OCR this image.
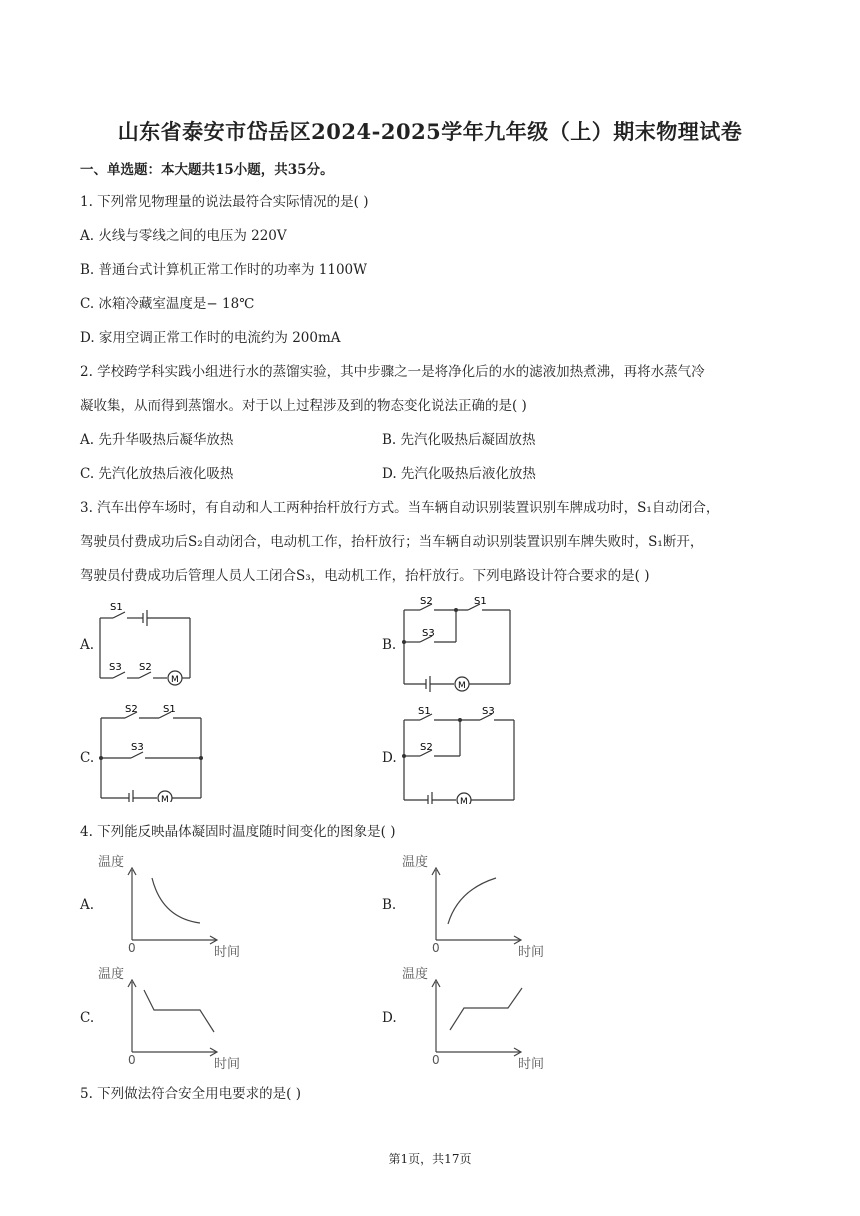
山东省泰安市岱岳区2024-2025学年九年级（上）期末物理试卷
一、单选题：本大题共15小题，共35分。
1. 下列常见物理量的说法最符合实际情况的是( )
A. 火线与零线之间的电压为 220V
B. 普通台式计算机正常工作时的功率为 1100W
C. 冰箱冷藏室温度是− 18℃
D. 家用空调正常工作时的电流约为 200mA
2. 学校跨学科实践小组进行水的蒸馏实验，其中步骤之一是将净化后的水的滤液加热煮沸，再将水蒸气冷
凝收集，从而得到蒸馏水。对于以上过程涉及到的物态变化说法正确的是( )
A. 先升华吸热后凝华放热	B. 先汽化吸热后凝固放热
C. 先汽化放热后液化吸热	D. 先汽化吸热后液化放热
3. 汽车出停车场时，有自动和人工两种抬杆放行方式。当车辆自动识别装置识别车牌成功时，S₁自动闭合，
驾驶员付费成功后S₂自动闭合，电动机工作，抬杆放行；当车辆自动识别装置识别车牌失败时，S₁断开，
驾驶员付费成功后管理人员人工闭合S₃，电动机工作，抬杆放行。下列电路设计符合要求的是( )
A.	B.
C.	D.
S1
S3 S2
M
S2	S1
S3
M
S2	S1
S3
M
S1	S3
S2
M
4. 下列能反映晶体凝固时温度随时间变化的图象是( )
A.	B.
C.	D.
温度
0	时间
温度
0	时间
温度
0	时间
温度
0	时间
5. 下列做法符合安全用电要求的是( )
第1页，共17页
